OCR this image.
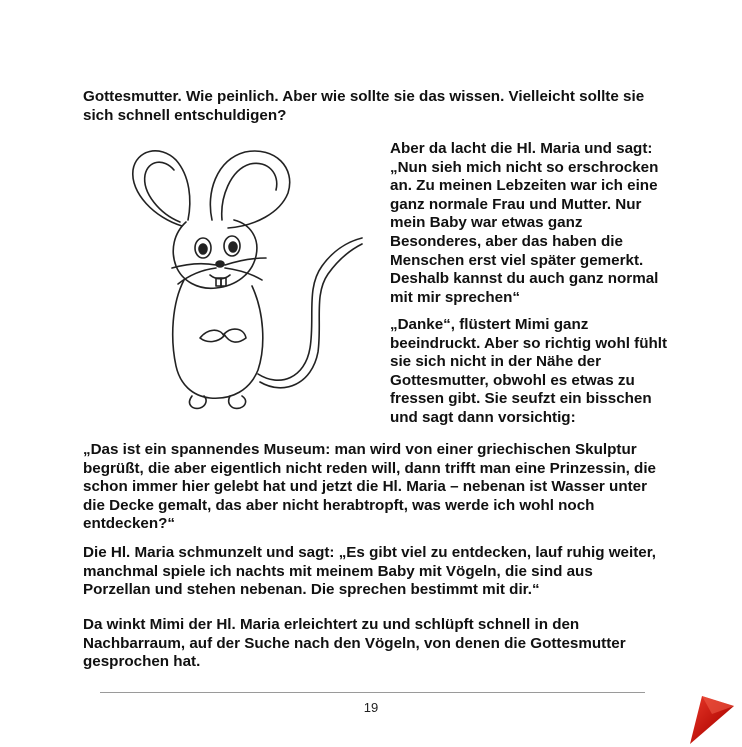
Gottesmutter. Wie peinlich. Aber wie sollte sie das wissen. Vielleicht sollte sie sich schnell entschuldigen?

Aber da lacht die Hl. Maria und sagt: „Nun sieh mich nicht so erschrocken an. Zu meinen Lebzeiten war ich eine ganz normale Frau und Mutter. Nur mein Baby war etwas ganz Besonderes, aber das haben die Menschen erst viel später gemerkt. Deshalb kannst du auch ganz normal mit mir sprechen“

„Danke“, flüstert Mimi ganz beeindruckt. Aber so richtig wohl fühlt sie sich nicht in der Nähe der Gottesmutter, obwohl es etwas zu fressen gibt. Sie seufzt ein bisschen und sagt dann vorsichtig:

„Das ist ein spannendes Museum: man wird von einer griechischen Skulptur begrüßt, die aber eigentlich nicht reden will, dann trifft man eine Prinzessin, die schon immer hier gelebt hat und jetzt die Hl. Maria – nebenan ist Wasser unter die Decke gemalt, das aber nicht herabtropft, was werde ich wohl noch entdecken?“

Die Hl. Maria schmunzelt und sagt: „Es gibt viel zu entdecken, lauf ruhig weiter, manchmal spiele ich nachts mit meinem Baby mit Vögeln, die sind aus Porzellan und stehen nebenan. Die sprechen bestimmt mit dir.“

Da winkt Mimi der Hl. Maria erleichtert zu und schlüpft schnell in den Nachbarraum, auf der Suche nach den Vögeln, von denen die Gottesmutter gesprochen hat.

19
